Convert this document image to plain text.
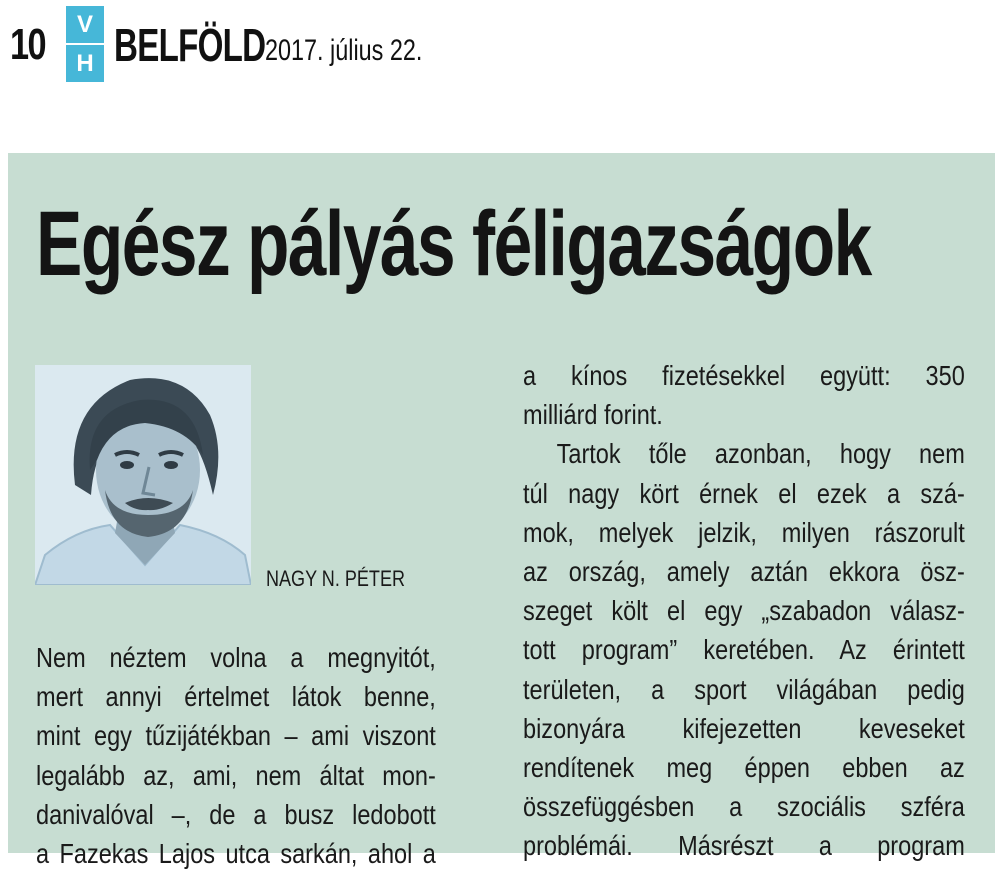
10	V
H BELFÖLD 2017. július 22.
Egész pályás féligazságok
NAGY N. PÉTER
Nem néztem volna a megnyitót,
mert annyi értelmet látok benne,
mint egy tűzijátékban – ami viszont
legalább az, ami, nem áltat mon-
danivalóval –, de a busz ledobott
a Fazekas Lajos utca sarkán, ahol a
a kínos fizetésekkel együtt: 350
milliárd forint.
Tartok tőle azonban, hogy nem
túl nagy kört érnek el ezek a szá-
mok, melyek jelzik, milyen rászorult
az ország, amely aztán ekkora ösz-
szeget költ el egy „szabadon válasz-
tott program” keretében. Az érintett
területen, a sport világában pedig
bizonyára kifejezetten keveseket
rendítenek meg éppen ebben az
összefüggésben a szociális szféra
problémái. Másrészt a program
